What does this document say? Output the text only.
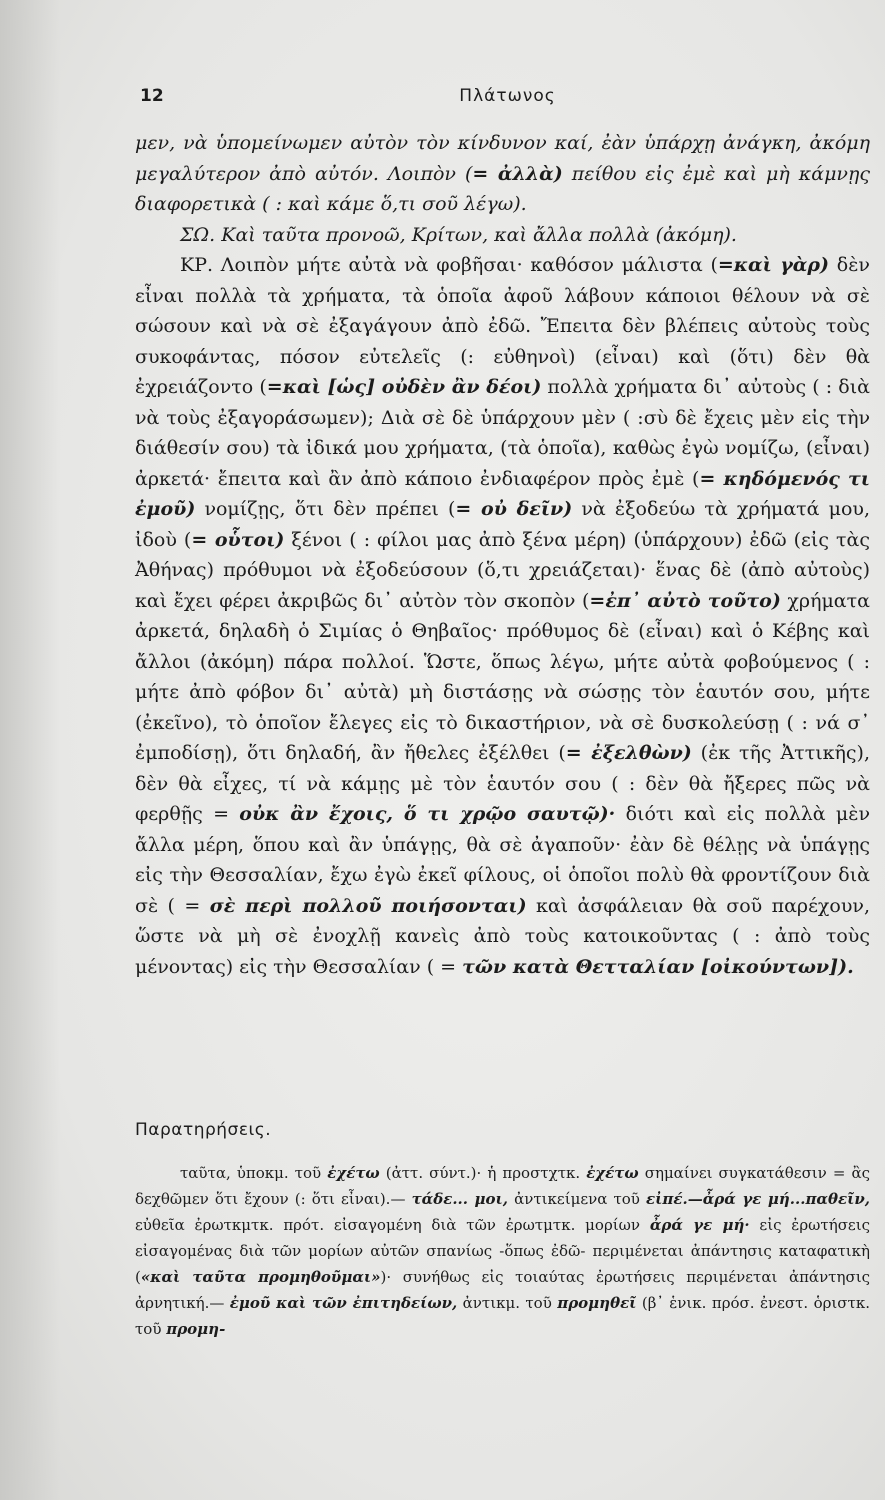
12	Πλάτωνος

μεν, νὰ ὑπομείνωμεν αὐτὸν τὸν κίνδυνον καί, ἐὰν ὑπάρχῃ ἀνάγκη, ἀκόμη μεγαλύτερον ἀπὸ αὐτόν. Λοιπὸν (= ἀλλὰ) πείθου εἰς ἐμὲ καὶ μὴ κάμνῃς διαφορετικὰ ( : καὶ κάμε ὅ,τι σοῦ λέγω).

ΣΩ. Καὶ ταῦτα προνοῶ, Κρίτων, καὶ ἄλλα πολλὰ (ἀκόμη).

ΚΡ. Λοιπὸν μήτε αὐτὰ νὰ φοβῆσαι· καθόσον μάλιστα (=καὶ γὰρ) δὲν εἶναι πολλὰ τὰ χρήματα, τὰ ὁποῖα ἀφοῦ λάβουν κάποιοι θέλουν νὰ σὲ σώσουν καὶ νὰ σὲ ἐξαγάγουν ἀπὸ ἐδῶ. Ἔπειτα δὲν βλέπεις αὐτοὺς τοὺς συκοφάντας, πόσον εὐτελεῖς (: εὐθηνοὶ) (εἶναι) καὶ (ὅτι) δὲν θὰ ἐχρειάζοντο (=καὶ [ὡς] οὐδὲν ἂν δέοι) πολλὰ χρήματα δι᾽ αὐτοὺς ( : διὰ νὰ τοὺς ἐξαγοράσωμεν); Διὰ σὲ δὲ ὑπάρχουν μὲν ( :σὺ δὲ ἔχεις μὲν εἰς τὴν διάθεσίν σου) τὰ ἰδικά μου χρήματα, (τὰ ὁποῖα), καθὼς ἐγὼ νομίζω, (εἶναι) ἀρκετά· ἔπειτα καὶ ἂν ἀπὸ κάποιο ἐνδιαφέρον πρὸς ἐμὲ (= κηδόμενός τι ἐμοῦ) νομίζῃς, ὅτι δὲν πρέπει (= οὐ δεῖν) νὰ ἐξοδεύω τὰ χρήματά μου, ἰδοὺ (= οὗτοι) ξένοι ( : φίλοι μας ἀπὸ ξένα μέρη) (ὑπάρχουν) ἐδῶ (εἰς τὰς Ἀθήνας) πρόθυμοι νὰ ἐξοδεύσουν (ὅ,τι χρειάζεται)· ἕνας δὲ (ἀπὸ αὐτοὺς) καὶ ἔχει φέρει ἀκριβῶς δι᾽ αὐτὸν τὸν σκοπὸν (=ἐπ᾽ αὐτὸ τοῦτο) χρήματα ἀρκετά, δηλαδὴ ὁ Σιμίας ὁ Θηβαῖος· πρόθυμος δὲ (εἶναι) καὶ ὁ Κέβης καὶ ἄλλοι (ἀκόμη) πάρα πολλοί. Ὥστε, ὅπως λέγω, μήτε αὐτὰ φοβούμενος ( : μήτε ἀπὸ φόβον δι᾽ αὐτὰ) μὴ διστάσῃς νὰ σώσῃς τὸν ἑαυτόν σου, μήτε (ἐκεῖνο), τὸ ὁποῖον ἔλεγες εἰς τὸ δικαστήριον, νὰ σὲ δυσκολεύσῃ ( : νά σ᾽ ἐμποδίσῃ), ὅτι δηλαδή, ἂν ἤθελες ἐξέλθει (= ἐξελθὼν) (ἐκ τῆς Ἀττικῆς), δὲν θὰ εἶχες, τί νὰ κάμῃς μὲ τὸν ἑαυτόν σου ( : δὲν θὰ ἤξερες πῶς νὰ φερθῇς = οὐκ ἂν ἔχοις, ὅ τι χρῷο σαυτῷ)· διότι καὶ εἰς πολλὰ μὲν ἄλλα μέρη, ὅπου καὶ ἂν ὑπάγῃς, θὰ σὲ ἀγαποῦν· ἐὰν δὲ θέλῃς νὰ ὑπάγῃς εἰς τὴν Θεσσαλίαν, ἔχω ἐγὼ ἐκεῖ φίλους, οἱ ὁποῖοι πολὺ θὰ φροντίζουν διὰ σὲ ( = σὲ περὶ πολλοῦ ποιήσονται) καὶ ἀσφάλειαν θὰ σοῦ παρέχουν, ὥστε νὰ μὴ σὲ ἐνοχλῇ κανεὶς ἀπὸ τοὺς κατοικοῦντας ( : ἀπὸ τοὺς μένοντας) εἰς τὴν Θεσσαλίαν ( = τῶν κατὰ Θετταλίαν [οἰκούντων]).

Παρατηρήσεις.

ταῦτα, ὑποκμ. τοῦ ἐχέτω (ἀττ. σύντ.)· ἡ προστχτκ. ἐχέτω σημαίνει συγκατάθεσιν = ἂς δεχθῶμεν ὅτι ἔχουν (: ὅτι εἶναι).— τάδε... μοι, ἀντικείμενα τοῦ εἰπέ.—ἆρά γε μή...παθεῖν, εὐθεῖα ἐρωτκμτκ. πρότ. εἰσαγομένη διὰ τῶν ἐρωτμτκ. μορίων ἆρά γε μή· εἰς ἐρωτήσεις εἰσαγομένας διὰ τῶν μορίων αὐτῶν σπανίως ‑ὅπως ἐδῶ‑ περιμένεται ἀπάντησις καταφατικὴ («καὶ ταῦτα προμηθοῦμαι»)· συνήθως εἰς τοιαύτας ἐρωτήσεις περιμένεται ἀπάντησις ἀρνητική.— ἐμοῦ καὶ τῶν ἐπιτηδείων, ἀντικμ. τοῦ προμηθεῖ (β᾽ ἑνικ. πρόσ. ἐνεστ. ὁριστκ. τοῦ προμη-
